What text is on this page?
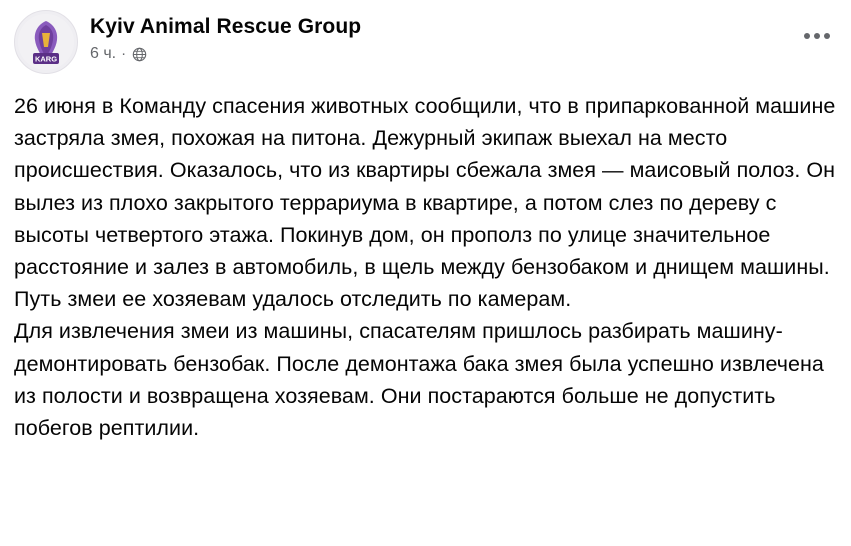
KARG
Kyiv Animal Rescue Group
6 ч. ·

26 июня в Команду спасения животных сообщили, что в припаркованной машине застряла змея, похожая на питона. Дежурный экипаж выехал на место происшествия. Оказалось, что из квартиры сбежала змея — маисовый полоз. Он вылез из плохо закрытого террариума в квартире, а потом слез по дереву с высоты четвертого этажа. Покинув дом, он прополз по улице значительное расстояние и залез в автомобиль, в щель между бензобаком и днищем машины. Путь змеи ее хозяевам удалось отследить по камерам.

Для извлечения змеи из машины, спасателям пришлось разбирать машину- демонтировать бензобак. После демонтажа бака змея была успешно извлечена из полости и возвращена хозяевам. Они постараются больше не допустить побегов рептилии.
